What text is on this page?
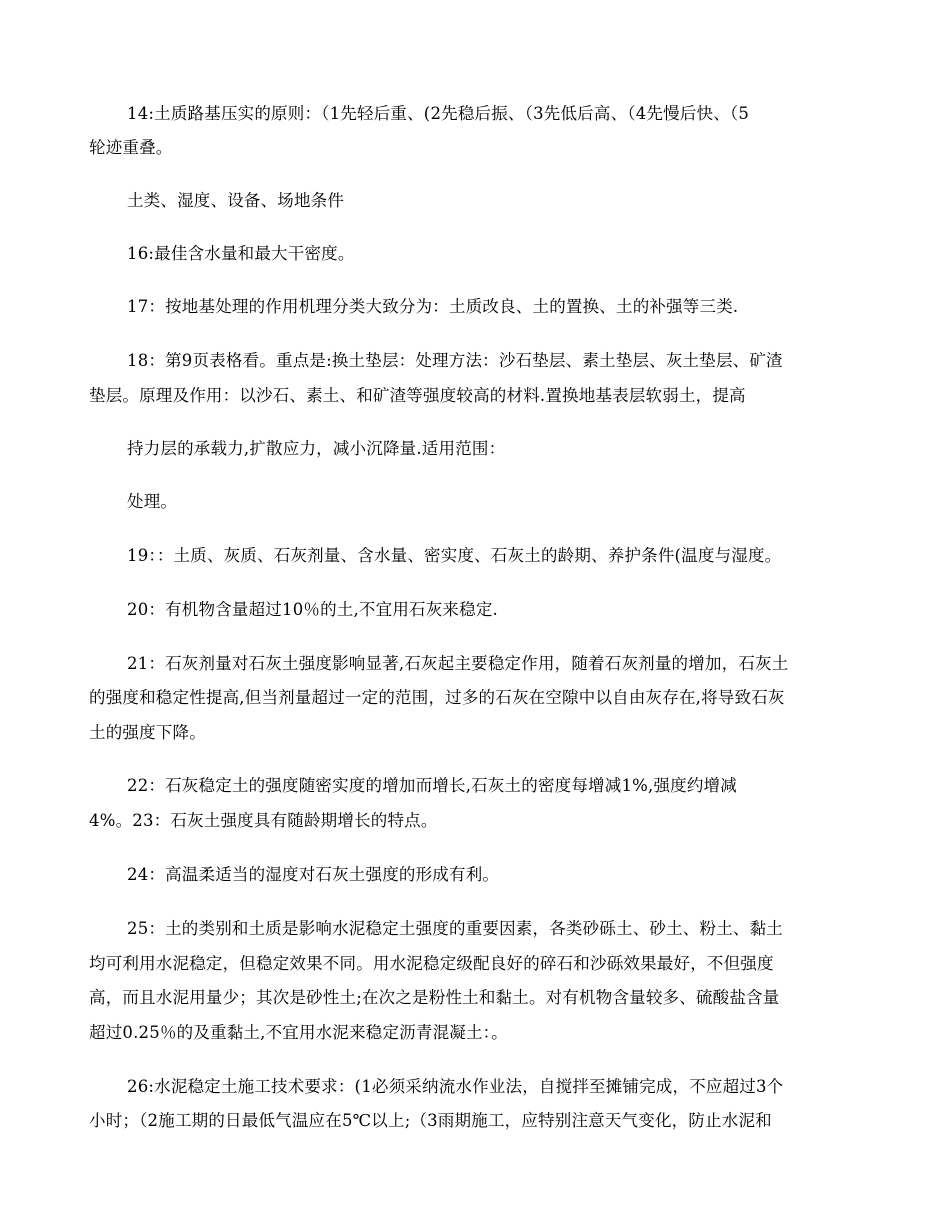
14:土质路基压实的原则：（1先轻后重、(2先稳后振、（3先低后高、（4先慢后快、（5
轮迹重叠。
土类、湿度、设备、场地条件
16:最佳含水量和最大干密度。
17：按地基处理的作用机理分类大致分为：土质改良、土的置换、土的补强等三类.
18：第9页表格看。重点是:换土垫层：处理方法：沙石垫层、素土垫层、灰土垫层、矿渣
垫层。原理及作用：以沙石、素土、和矿渣等强度较高的材料.置换地基表层软弱土，提高
持力层的承载力,扩散应力，减小沉降量.适用范围：
处理。
19：：土质、灰质、石灰剂量、含水量、密实度、石灰土的龄期、养护条件(温度与湿度。
20：有机物含量超过10％的土,不宜用石灰来稳定.
21：石灰剂量对石灰土强度影响显著,石灰起主要稳定作用，随着石灰剂量的增加，石灰土
的强度和稳定性提高,但当剂量超过一定的范围，过多的石灰在空隙中以自由灰存在,将导致石灰
土的强度下降。
22：石灰稳定土的强度随密实度的增加而增长,石灰土的密度每增减1%,强度约增减
4%。23：石灰土强度具有随龄期增长的特点。
24：高温柔适当的湿度对石灰土强度的形成有利。
25：土的类别和土质是影响水泥稳定土强度的重要因素，各类砂砾土、砂土、粉土、黏土
均可利用水泥稳定，但稳定效果不同。用水泥稳定级配良好的碎石和沙砾效果最好，不但强度
高，而且水泥用量少；其次是砂性土;在次之是粉性土和黏土。对有机物含量较多、硫酸盐含量
超过0.25％的及重黏土,不宜用水泥来稳定沥青混凝土：。
26:水泥稳定土施工技术要求：(1必须采纳流水作业法，自搅拌至摊铺完成，不应超过3个
小时；（2施工期的日最低气温应在5℃以上;（3雨期施工，应特别注意天气变化，防止水泥和
